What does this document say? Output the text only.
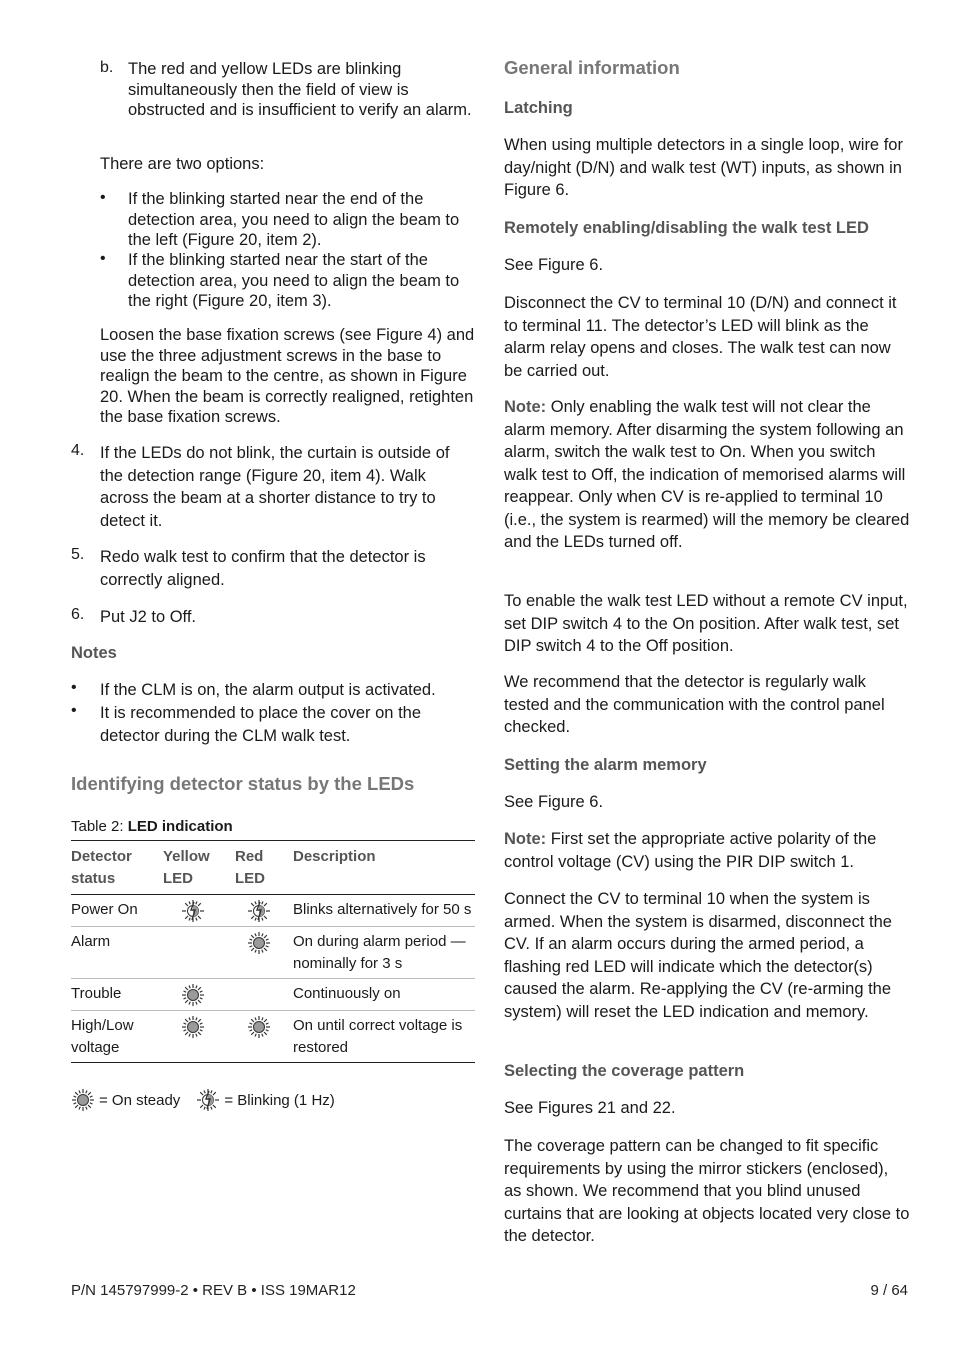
b. The red and yellow LEDs are blinking simultaneously then the field of view is obstructed and is insufficient to verify an alarm.

There are two options:

• If the blinking started near the end of the detection area, you need to align the beam to the left (Figure 20, item 2).

• If the blinking started near the start of the detection area, you need to align the beam to the right (Figure 20, item 3).

Loosen the base fixation screws (see Figure 4) and use the three adjustment screws in the base to realign the beam to the centre, as shown in Figure 20. When the beam is correctly realigned, retighten the base fixation screws.

4. If the LEDs do not blink, the curtain is outside of the detection range (Figure 20, item 4). Walk across the beam at a shorter distance to try to detect it.

5. Redo walk test to confirm that the detector is correctly aligned.

6. Put J2 to Off.

Notes

• If the CLM is on, the alarm output is activated.

• It is recommended to place the cover on the detector during the CLM walk test.

Identifying detector status by the LEDs

Table 2: LED indication

Detector status	Yellow LED	Red LED	Description
Power On			Blinks alternatively for 50 s
Alarm			On during alarm period — nominally for 3 s
Trouble			Continuously on
High/Low voltage			On until correct voltage is restored
= On steady	= Blinking (1 Hz)

General information

Latching

When using multiple detectors in a single loop, wire for day/night (D/N) and walk test (WT) inputs, as shown in Figure 6.

Remotely enabling/disabling the walk test LED

See Figure 6.

Disconnect the CV to terminal 10 (D/N) and connect it to terminal 11. The detector’s LED will blink as the alarm relay opens and closes. The walk test can now be carried out.

Note: Only enabling the walk test will not clear the alarm memory. After disarming the system following an alarm, switch the walk test to On. When you switch walk test to Off, the indication of memorised alarms will reappear. Only when CV is re-applied to terminal 10 (i.e., the system is rearmed) will the memory be cleared and the LEDs turned off.

To enable the walk test LED without a remote CV input, set DIP switch 4 to the On position. After walk test, set DIP switch 4 to the Off position.

We recommend that the detector is regularly walk tested and the communication with the control panel checked.

Setting the alarm memory

See Figure 6.

Note: First set the appropriate active polarity of the control voltage (CV) using the PIR DIP switch 1.

Connect the CV to terminal 10 when the system is armed. When the system is disarmed, disconnect the CV. If an alarm occurs during the armed period, a flashing red LED will indicate which the detector(s) caused the alarm. Re-applying the CV (re-arming the system) will reset the LED indication and memory.

Selecting the coverage pattern

See Figures 21 and 22.

The coverage pattern can be changed to fit specific requirements by using the mirror stickers (enclosed), as shown. We recommend that you blind unused curtains that are looking at objects located very close to the detector.

P/N 145797999-2 • REV B • ISS 19MAR12	9 / 64
